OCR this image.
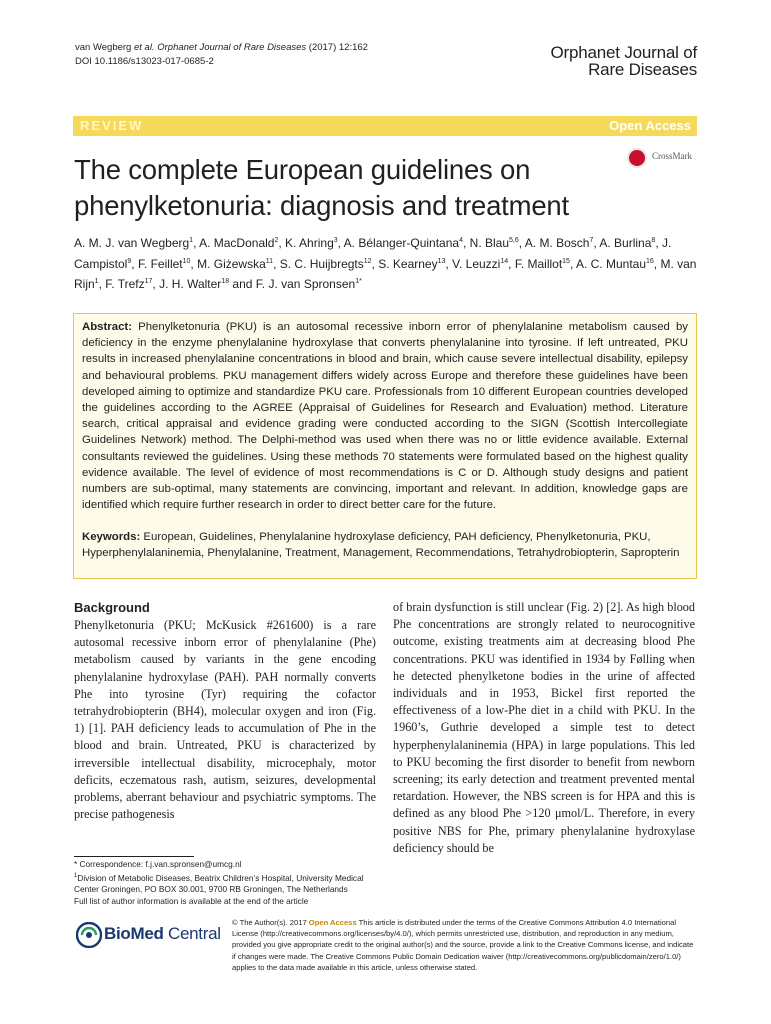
van Wegberg et al. Orphanet Journal of Rare Diseases (2017) 12:162
DOI 10.1186/s13023-017-0685-2	Orphanet Journal of
Rare Diseases
REVIEW	Open Access
CrossMark
The complete European guidelines on phenylketonuria: diagnosis and treatment
A. M. J. van Wegberg$^1$, A. MacDonald$^2$, K. Ahring$^3$, A. Bélanger-Quintana$^4$, N. Blau$^{5,6}$, A. M. Bosch$^7$, A. Burlina$^8$, J. Campistol$^9$, F. Feillet$^{10}$, M. Giżewska$^{11}$, S. C. Huijbregts$^{12}$, S. Kearney$^{13}$, V. Leuzzi$^{14}$, F. Maillot$^{15}$, A. C. Muntau$^{16}$, M. van Rijn$^1$, F. Trefz$^{17}$, J. H. Walter$^{18}$ and F. J. van Spronsen$^{1*}$
Abstract: Phenylketonuria (PKU) is an autosomal recessive inborn error of phenylalanine metabolism caused by deficiency in the enzyme phenylalanine hydroxylase that converts phenylalanine into tyrosine. If left untreated, PKU results in increased phenylalanine concentrations in blood and brain, which cause severe intellectual disability, epilepsy and behavioural problems. PKU management differs widely across Europe and therefore these guidelines have been developed aiming to optimize and standardize PKU care. Professionals from 10 different European countries developed the guidelines according to the AGREE (Appraisal of Guidelines for Research and Evaluation) method. Literature search, critical appraisal and evidence grading were conducted according to the SIGN (Scottish Intercollegiate Guidelines Network) method. The Delphi-method was used when there was no or little evidence available. External consultants reviewed the guidelines. Using these methods 70 statements were formulated based on the highest quality evidence available. The level of evidence of most recommendations is C or D. Although study designs and patient numbers are sub-optimal, many statements are convincing, important and relevant. In addition, knowledge gaps are identified which require further research in order to direct better care for the future.
Keywords: European, Guidelines, Phenylalanine hydroxylase deficiency, PAH deficiency, Phenylketonuria, PKU, Hyperphenylalaninemia, Phenylalanine, Treatment, Management, Recommendations, Tetrahydrobiopterin, Sapropterin
Background
Phenylketonuria (PKU; McKusick #261600) is a rare autosomal recessive inborn error of phenylalanine (Phe) metabolism caused by variants in the gene encoding phenylalanine hydroxylase (PAH). PAH normally converts Phe into tyrosine (Tyr) requiring the cofactor tetrahydrobiopterin (BH4), molecular oxygen and iron (Fig. 1) [1]. PAH deficiency leads to accumulation of Phe in the blood and brain. Untreated, PKU is characterized by irreversible intellectual disability, microcephaly, motor deficits, eczematous rash, autism, seizures, developmental problems, aberrant behaviour and psychiatric symptoms. The precise pathogenesis
of brain dysfunction is still unclear (Fig. 2) [2]. As high blood Phe concentrations are strongly related to neurocognitive outcome, existing treatments aim at decreasing blood Phe concentrations. PKU was identified in 1934 by Følling when he detected phenylketone bodies in the urine of affected individuals and in 1953, Bickel first reported the effectiveness of a low-Phe diet in a child with PKU. In the 1960’s, Guthrie developed a simple test to detect hyperphenylalaninemia (HPA) in large populations. This led to PKU becoming the first disorder to benefit from newborn screening; its early detection and treatment prevented mental retardation. However, the NBS screen is for HPA and this is defined as any blood Phe >120 μmol/L. Therefore, in every positive NBS for Phe, primary phenylalanine hydroxylase deficiency should be
* Correspondence: f.j.van.spronsen@umcg.nl
$^1$Division of Metabolic Diseases, Beatrix Children’s Hospital, University Medical Center Groningen, PO BOX 30.001, 9700 RB Groningen, The Netherlands
Full list of author information is available at the end of the article
BioMed Central
© The Author(s). 2017 Open Access This article is distributed under the terms of the Creative Commons Attribution 4.0 International License (http://creativecommons.org/licenses/by/4.0/), which permits unrestricted use, distribution, and reproduction in any medium, provided you give appropriate credit to the original author(s) and the source, provide a link to the Creative Commons license, and indicate if changes were made. The Creative Commons Public Domain Dedication waiver (http://creativecommons.org/publicdomain/zero/1.0/) applies to the data made available in this article, unless otherwise stated.
